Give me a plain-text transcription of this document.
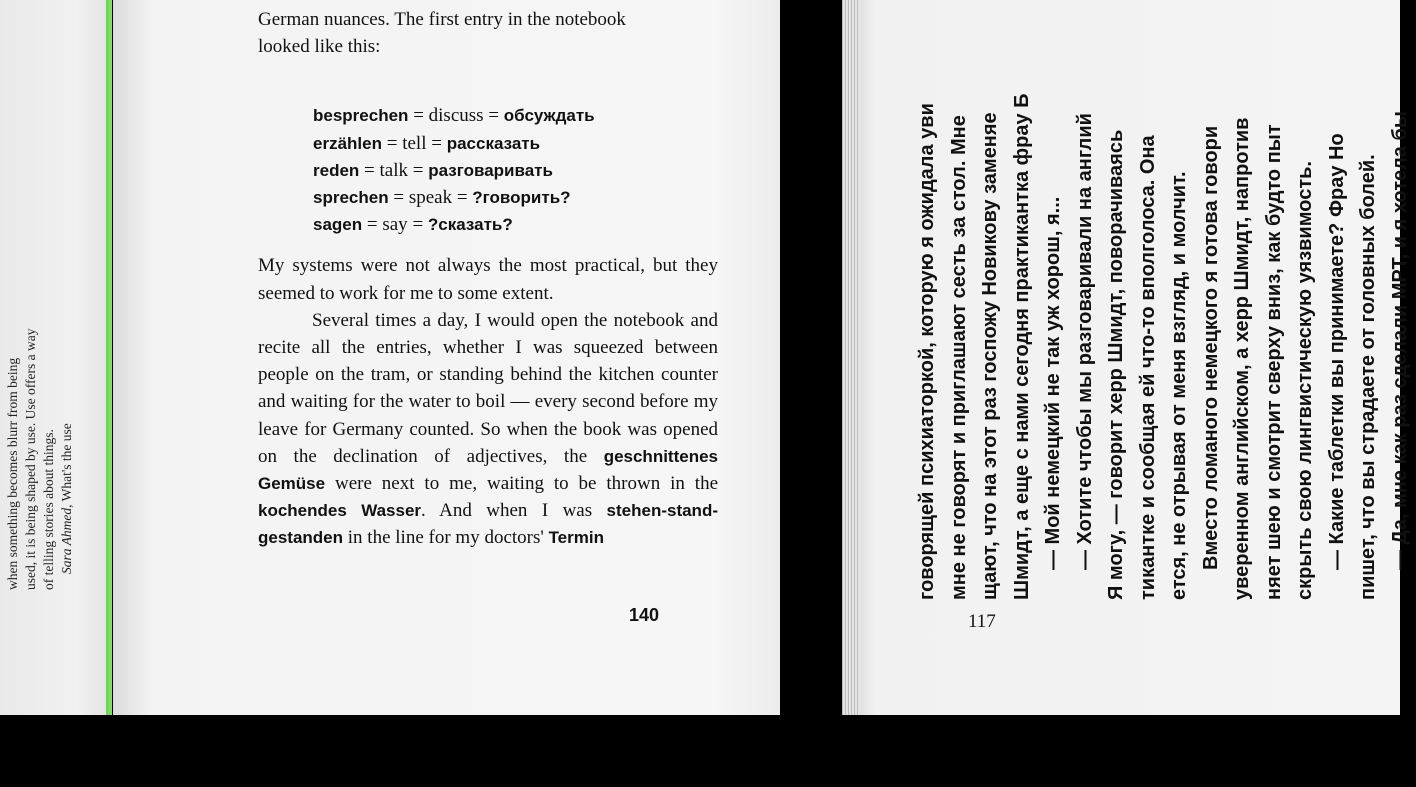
when something becomes blurr from being used, it is being shaped by use. Use offers a way of telling stories about things. Sara Ahmed, What's the use

German nuances. The first entry in the notebook

looked like this:

besprechen = discuss = обсуждать
erzählen = tell = рассказать
reden = talk = разговаривать
sprechen = speak = ?говорить?
sagen = say = ?сказать?

My systems were not always the most practical, but they seemed to work for me to some extent.

Several times a day, I would open the notebook and recite all the entries, whether I was squeezed between people on the tram, or standing behind the kitchen counter and waiting for the water to boil — every second before my leave for Germany counted. So when the book was opened on the declination of adjectives, the geschnittenes Gemüse were next to me, waiting to be thrown in the kochendes Wasser. And when I was stehen-stand-gestanden in the line for my doctors' Termin

140
говорящей психиаторкой, которую я ожидала уви мне не говорят и приглашают сесть за стол. Мне щают, что на этот раз госпожу Новикову заменяе Шмидт, а еще с нами сегодня практикантка фрау Б — Мой немецкий не так уж хорош, я... — Хотите чтобы мы разговаривали на англий Я могу, — говорит херр Шмидт, поворачиваясь тикантке и сообщая ей что-то вполголоса. Она ется, не отрывая от меня взгляд, и молчит. Вместо ломаного немецкого я готова говори уверенном английском, а херр Шмидт, напротив няет шею и смотрит сверху вниз, как будто пыт скрыть свою лингвистическую уязвимость. — Какие таблетки вы принимаете? Фрау Но пишет, что вы страдаете от головных болей. — Да, мне как раз сделали МРТ, и я хотела бы
117
